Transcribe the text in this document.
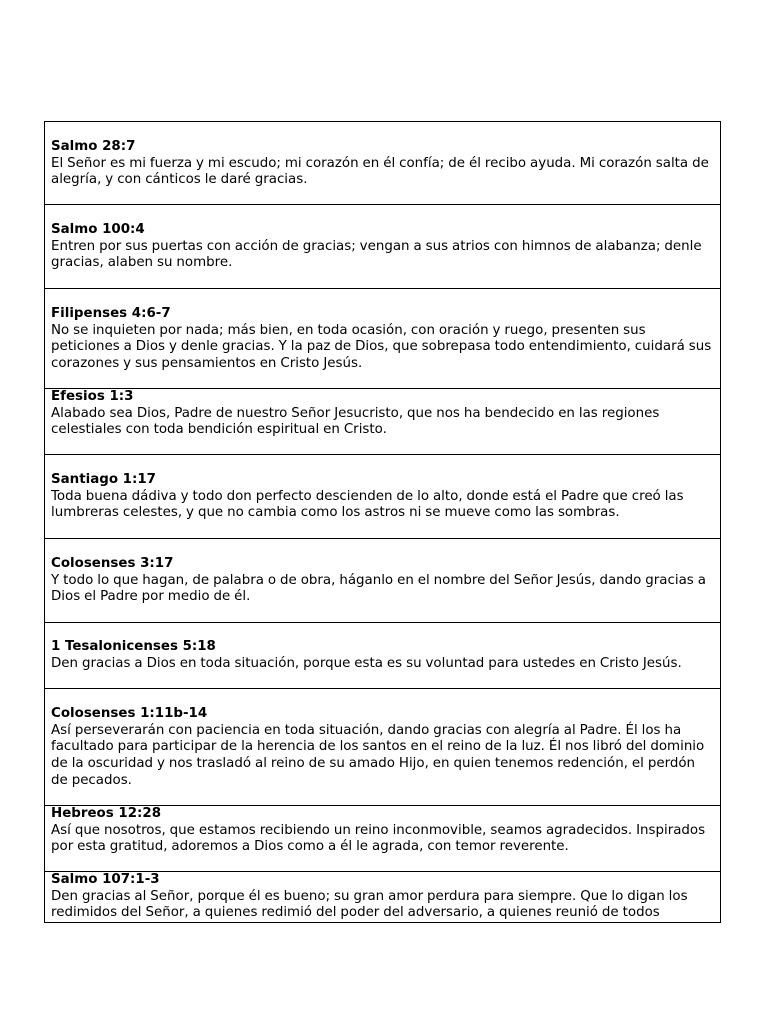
Salmo 28:7
El Señor es mi fuerza y mi escudo; mi corazón en él confía; de él recibo ayuda. Mi corazón salta de alegría, y con cánticos le daré gracias.
Salmo 100:4
Entren por sus puertas con acción de gracias; vengan a sus atrios con himnos de alabanza; denle gracias, alaben su nombre.
Filipenses 4:6-7
No se inquieten por nada; más bien, en toda ocasión, con oración y ruego, presenten sus peticiones a Dios y denle gracias. Y la paz de Dios, que sobrepasa todo entendimiento, cuidará sus corazones y sus pensamientos en Cristo Jesús.
Efesios 1:3
Alabado sea Dios, Padre de nuestro Señor Jesucristo, que nos ha bendecido en las regiones celestiales con toda bendición espiritual en Cristo.
Santiago 1:17
Toda buena dádiva y todo don perfecto descienden de lo alto, donde está el Padre que creó las lumbreras celestes, y que no cambia como los astros ni se mueve como las sombras.
Colosenses 3:17
Y todo lo que hagan, de palabra o de obra, háganlo en el nombre del Señor Jesús, dando gracias a Dios el Padre por medio de él.
1 Tesalonicenses 5:18
Den gracias a Dios en toda situación, porque esta es su voluntad para ustedes en Cristo Jesús.
Colosenses 1:11b-14
Así perseverarán con paciencia en toda situación, dando gracias con alegría al Padre. Él los ha facultado para participar de la herencia de los santos en el reino de la luz. Él nos libró del dominio de la oscuridad y nos trasladó al reino de su amado Hijo, en quien tenemos redención, el perdón de pecados.
Hebreos 12:28
Así que nosotros, que estamos recibiendo un reino inconmovible, seamos agradecidos. Inspirados por esta gratitud, adoremos a Dios como a él le agrada, con temor reverente.
Salmo 107:1-3
Den gracias al Señor, porque él es bueno; su gran amor perdura para siempre. Que lo digan los redimidos del Señor, a quienes redimió del poder del adversario, a quienes reunió de todos
